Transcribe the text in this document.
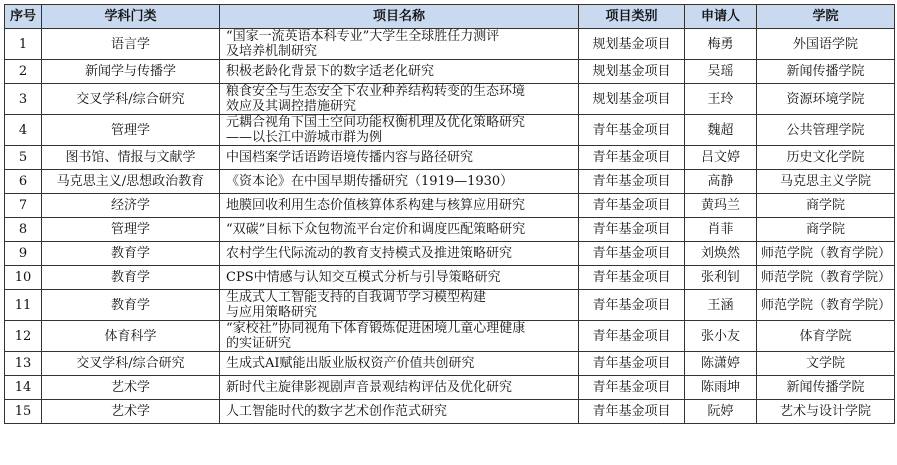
序号	学科门类	项目名称	项目类别	申请人	学院
1	语言学	“国家一流英语本科专业”大学生全球胜任力测评
及培养机制研究	规划基金项目	梅勇	外国语学院
2	新闻学与传播学	积极老龄化背景下的数字适老化研究	规划基金项目	吴瑶	新闻传播学院
3	交叉学科/综合研究	粮食安全与生态安全下农业种养结构转变的生态环境
效应及其调控措施研究	规划基金项目	王玲	资源环境学院
4	管理学	元耦合视角下国土空间功能权衡机理及优化策略研究
——以长江中游城市群为例	青年基金项目	魏超	公共管理学院
5	图书馆、情报与文献学	中国档案学话语跨语境传播内容与路径研究	青年基金项目	吕文婷	历史文化学院
6	马克思主义/思想政治教育	《资本论》在中国早期传播研究（1919—1930）	青年基金项目	高静	马克思主义学院
7	经济学	地膜回收利用生态价值核算体系构建与核算应用研究	青年基金项目	黄玛兰	商学院
8	管理学	“双碳”目标下众包物流平台定价和调度匹配策略研究	青年基金项目	肖菲	商学院
9	教育学	农村学生代际流动的教育支持模式及推进策略研究	青年基金项目	刘焕然	师范学院（教育学院）
10	教育学	CPS中情感与认知交互模式分析与引导策略研究	青年基金项目	张利钊	师范学院（教育学院）
11	教育学	生成式人工智能支持的自我调节学习模型构建
与应用策略研究	青年基金项目	王涵	师范学院（教育学院）
12	体育科学	“家校社”协同视角下体育锻炼促进困境儿童心理健康
的实证研究	青年基金项目	张小友	体育学院
13	交叉学科/综合研究	生成式AI赋能出版业版权资产价值共创研究	青年基金项目	陈潇婷	文学院
14	艺术学	新时代主旋律影视剧声音景观结构评估及优化研究	青年基金项目	陈雨坤	新闻传播学院
15	艺术学	人工智能时代的数字艺术创作范式研究	青年基金项目	阮婷	艺术与设计学院
